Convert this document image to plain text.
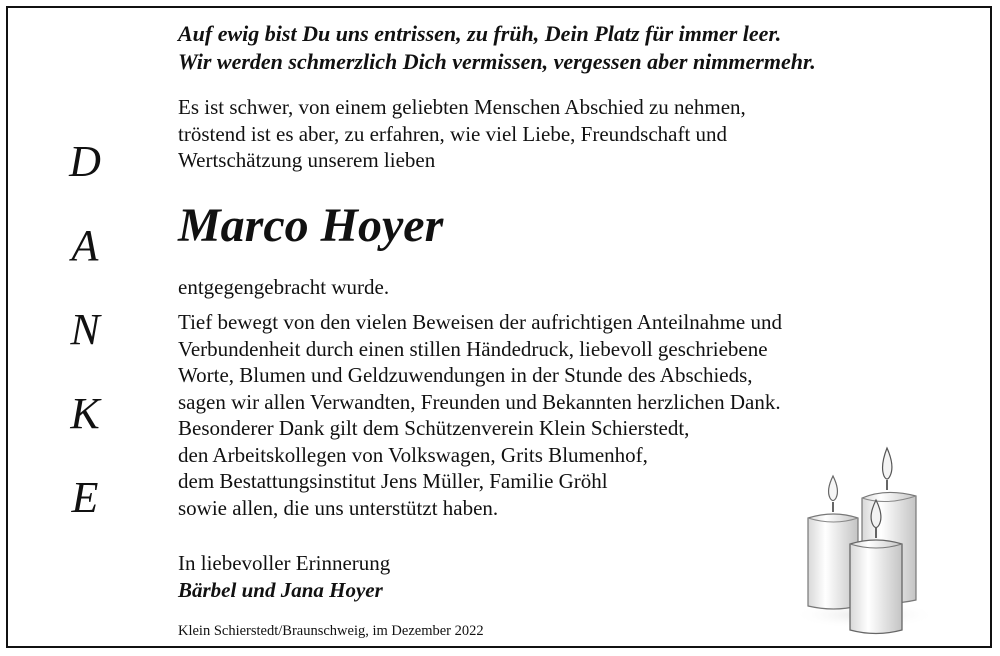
Auf ewig bist Du uns entrissen, zu früh, Dein Platz für immer leer.
Wir werden schmerzlich Dich vermissen, vergessen aber nimmermehr.
D
A
N
K
E
Es ist schwer, von einem geliebten Menschen Abschied zu nehmen,
tröstend ist es aber, zu erfahren, wie viel Liebe, Freundschaft und
Wertschätzung unserem lieben
Marco Hoyer
entgegengebracht wurde.
Tief bewegt von den vielen Beweisen der aufrichtigen Anteilnahme und
Verbundenheit durch einen stillen Händedruck, liebevoll geschriebene
Worte, Blumen und Geldzuwendungen in der Stunde des Abschieds,
sagen wir allen Verwandten, Freunden und Bekannten herzlichen Dank.
Besonderer Dank gilt dem Schützenverein Klein Schierstedt,
den Arbeitskollegen von Volkswagen, Grits Blumenhof,
dem Bestattungsinstitut Jens Müller, Familie Gröhl
sowie allen, die uns unterstützt haben.
In liebevoller Erinnerung
Bärbel und Jana Hoyer
Klein Schierstedt/Braunschweig, im Dezember 2022
